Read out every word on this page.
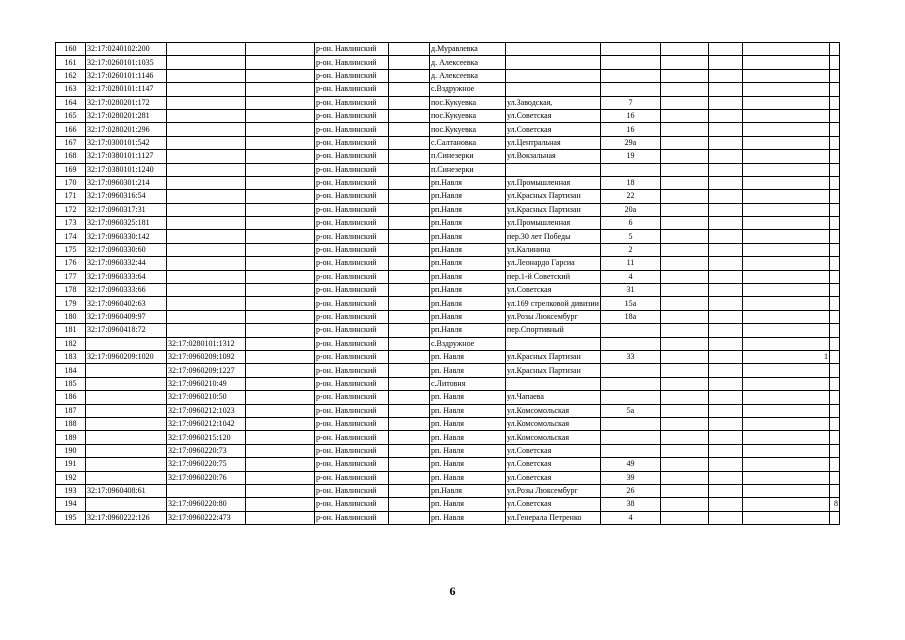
160	32:17:0240102:200			р-он. Навлинский		д.Муравлевка						
161	32:17:0260101:1035			р-он. Навлинский		д. Алексеевка						
162	32:17:0260101:1146			р-он. Навлинский		д. Алексеевка						
163	32:17:0280101:1147			р-он. Навлинский		с.Вздружное						
164	32:17:0280201:172			р-он. Навлинский		пос.Кукуевка	ул.Заводская,	7				
165	32:17:0280201:281			р-он. Навлинский		пос.Кукуевка	ул.Советская	16				
166	32:17:0280201:296			р-он. Навлинский		пос.Кукуевка	ул.Советская	16				
167	32:17:0300101:542			р-он. Навлинский		с.Салтановка	ул.Центральная	29а				
168	32:17:0380101:1127			р-он. Навлинский		п.Синезерки	ул.Вокзальная	19				
169	32:17:0380101:1240			р-он. Навлинский		п.Синезерки						
170	32:17:0960301:214			р-он. Навлинский		рп.Навля	ул.Промышленная	18				
171	32:17:0960316:54			р-он. Навлинский		рп.Навля	ул.Красных Партизан	22				
172	32:17:0960317:31			р-он. Навлинский		рп.Навля	ул.Красных Партизан	20а				
173	32:17:0960325:181			р-он. Навлинский		рп.Навля	ул.Промышленная	6				
174	32:17:0960330:142			р-он. Навлинский		рп.Навля	пер.30 лет Победы	5				
175	32:17:0960330:60			р-он. Навлинский		рп.Навля	ул.Калинина	2				
176	32:17:0960332:44			р-он. Навлинский		рп.Навля	ул.Леонардо Гарсиа	11				
177	32:17:0960333:64			р-он. Навлинский		рп.Навля	пер.1-й Советский	4				
178	32:17:0960333:66			р-он. Навлинский		рп.Навля	ул.Советская	31				
179	32:17:0960402:63			р-он. Навлинский		рп.Навля	ул.169 стрелковой дивизии	15а				
180	32:17:0960409:97			р-он. Навлинский		рп.Навля	ул.Розы Люксембург	18а				
181	32:17:0960418:72			р-он. Навлинский		рп.Навля	пер.Спортивный					
182		32:17:0280101:1312		р-он. Навлинский		с.Вздружное						
183	32:17:0960209:1020	32:17:0960209:1092		р-он. Навлинский		рп. Навля	ул.Красных Партизан	33			1	
184		32:17:0960209:1227		р-он. Навлинский		рп. Навля	ул.Красных Партизан					
185		32:17:0960210:49		р-он. Навлинский		с.Литовня						
186		32:17:0960210:50		р-он. Навлинский		рп. Навля	ул.Чапаева					
187		32:17:0960212:1023		р-он. Навлинский		рп. Навля	ул.Комсомольская	5а				
188		32:17:0960212:1042		р-он. Навлинский		рп. Навля	ул.Комсомольская					
189		32:17:0960215:120		р-он. Навлинский		рп. Навля	ул.Комсомольская					
190		32:17:0960220:73		р-он. Навлинский		рп. Навля	ул.Советская					
191		32:17:0960220:75		р-он. Навлинский		рп. Навля	ул.Советская	49				
192		32:17:0960220:76		р-он. Навлинский		рп. Навля	ул.Советская	39				
193	32:17:0960408:61			р-он. Навлинский		рп.Навля	ул.Розы Люксембург	26				
194		32:17:0960220:80		р-он. Навлинский		рп. Навля	ул.Советская	38				8
195	32:17:0960222:126	32:17:0960222:473		р-он. Навлинский		рп. Навля	ул.Генерала Петренко	4				
6
